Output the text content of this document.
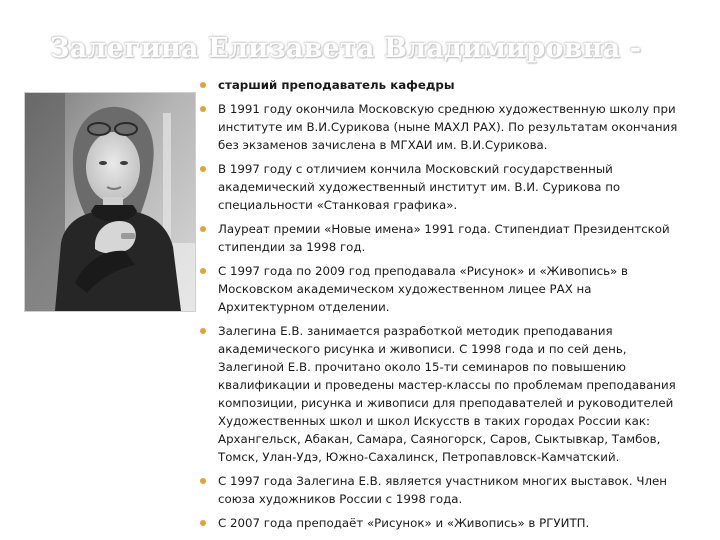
Залегина Елизавета Владимировна -
старший преподаватель кафедры
В 1991 году окончила Московскую среднюю художественную школу при институте им В.И.Сурикова (ныне МАХЛ РАХ). По результатам окончания без экзаменов зачислена в МГХАИ им. В.И.Сурикова.
В 1997 году с отличием кончила Московский государственный академический художественный институт им. В.И. Сурикова по специальности «Станковая графика».
Лауреат премии «Новые имена» 1991 года. Стипендиат Президентской стипендии за 1998 год.
С 1997 года по 2009 год преподавала «Рисунок» и «Живопись» в Московском академическом художественном лицее РАХ на Архитектурном отделении.
Залегина Е.В. занимается разработкой методик преподавания академического рисунка и живописи. С 1998 года и по сей день, Залегиной Е.В. прочитано около 15-ти семинаров по повышению квалификации и проведены мастер-классы по проблемам преподавания композиции, рисунка и живописи для преподавателей и руководителей Художественных школ и школ Искусств в таких городах России как: Архангельск, Абакан, Самара, Саяногорск, Саров, Сыктывкар, Тамбов, Томск, Улан-Удэ, Южно-Сахалинск, Петропавловск-Камчатский.
С 1997 года Залегина Е.В. является участником многих выставок. Член союза художников России с 1998 года.
С 2007 года преподаёт «Рисунок» и «Живопись» в РГУИТП.
